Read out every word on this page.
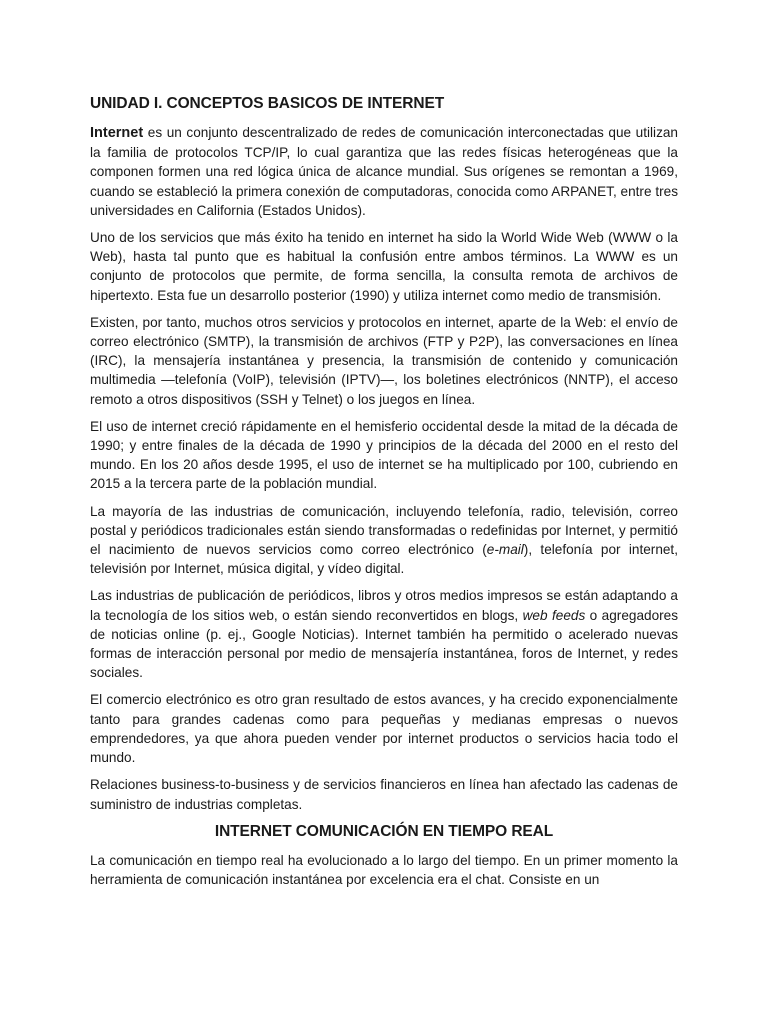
UNIDAD I. CONCEPTOS BASICOS DE INTERNET

Internet es un conjunto descentralizado de redes de comunicación interconectadas que utilizan la familia de protocolos TCP/IP, lo cual garantiza que las redes físicas heterogéneas que la componen formen una red lógica única de alcance mundial. Sus orígenes se remontan a 1969, cuando se estableció la primera conexión de computadoras, conocida como ARPANET, entre tres universidades en California (Estados Unidos).

Uno de los servicios que más éxito ha tenido en internet ha sido la World Wide Web (WWW o la Web), hasta tal punto que es habitual la confusión entre ambos términos. La WWW es un conjunto de protocolos que permite, de forma sencilla, la consulta remota de archivos de hipertexto. Esta fue un desarrollo posterior (1990) y utiliza internet como medio de transmisión.

Existen, por tanto, muchos otros servicios y protocolos en internet, aparte de la Web: el envío de correo electrónico (SMTP), la transmisión de archivos (FTP y P2P), las conversaciones en línea (IRC), la mensajería instantánea y presencia, la transmisión de contenido y comunicación multimedia —telefonía (VoIP), televisión (IPTV)—, los boletines electrónicos (NNTP), el acceso remoto a otros dispositivos (SSH y Telnet) o los juegos en línea.

El uso de internet creció rápidamente en el hemisferio occidental desde la mitad de la década de 1990; y entre finales de la década de 1990 y principios de la década del 2000 en el resto del mundo. En los 20 años desde 1995, el uso de internet se ha multiplicado por 100, cubriendo en 2015 a la tercera parte de la población mundial.

La mayoría de las industrias de comunicación, incluyendo telefonía, radio, televisión, correo postal y periódicos tradicionales están siendo transformadas o redefinidas por Internet, y permitió el nacimiento de nuevos servicios como correo electrónico (e-mail), telefonía por internet, televisión por Internet, música digital, y vídeo digital.

Las industrias de publicación de periódicos, libros y otros medios impresos se están adaptando a la tecnología de los sitios web, o están siendo reconvertidos en blogs, web feeds o agregadores de noticias online (p. ej., Google Noticias). Internet también ha permitido o acelerado nuevas formas de interacción personal por medio de mensajería instantánea, foros de Internet, y redes sociales.

El comercio electrónico es otro gran resultado de estos avances, y ha crecido exponencialmente tanto para grandes cadenas como para pequeñas y medianas empresas o nuevos emprendedores, ya que ahora pueden vender por internet productos o servicios hacia todo el mundo.

Relaciones business-to-business y de servicios financieros en línea han afectado las cadenas de suministro de industrias completas.

INTERNET COMUNICACIÓN EN TIEMPO REAL

La comunicación en tiempo real ha evolucionado a lo largo del tiempo. En un primer momento la herramienta de comunicación instantánea por excelencia era el chat. Consiste en un
